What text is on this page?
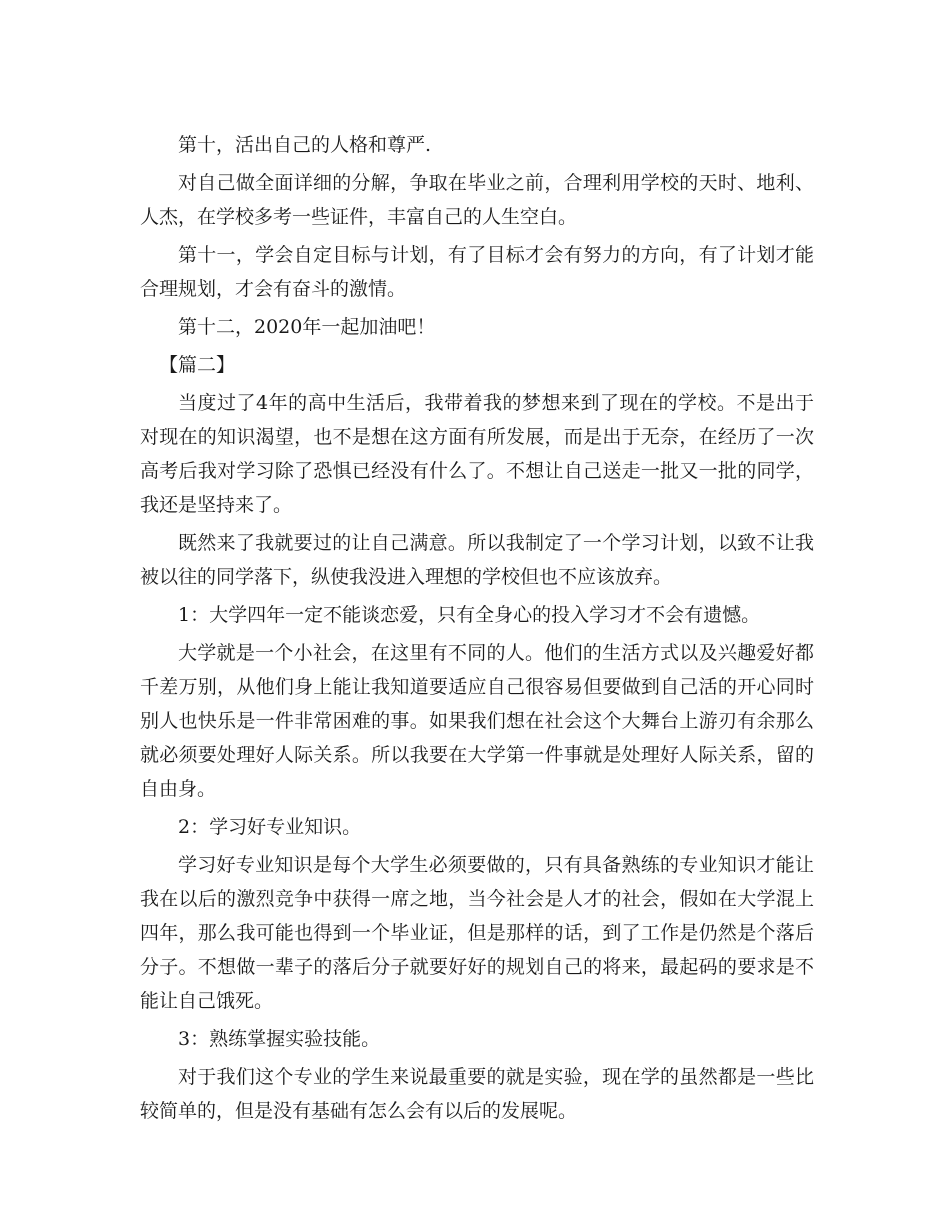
第十，活出自己的人格和尊严.

对自己做全面详细的分解，争取在毕业之前，合理利用学校的天时、地利、人杰，在学校多考一些证件，丰富自己的人生空白。

第十一，学会自定目标与计划，有了目标才会有努力的方向，有了计划才能合理规划，才会有奋斗的激情。

第十二，2020年一起加油吧！

【篇二】

当度过了4年的高中生活后，我带着我的梦想来到了现在的学校。不是出于对现在的知识渴望，也不是想在这方面有所发展，而是出于无奈，在经历了一次高考后我对学习除了恐惧已经没有什么了。不想让自己送走一批又一批的同学，我还是坚持来了。

既然来了我就要过的让自己满意。所以我制定了一个学习计划，以致不让我被以往的同学落下，纵使我没进入理想的学校但也不应该放弃。

1：大学四年一定不能谈恋爱，只有全身心的投入学习才不会有遗憾。

大学就是一个小社会，在这里有不同的人。他们的生活方式以及兴趣爱好都千差万别，从他们身上能让我知道要适应自己很容易但要做到自己活的开心同时别人也快乐是一件非常困难的事。如果我们想在社会这个大舞台上游刃有余那么就必须要处理好人际关系。所以我要在大学第一件事就是处理好人际关系，留的自由身。

2：学习好专业知识。

学习好专业知识是每个大学生必须要做的，只有具备熟练的专业知识才能让我在以后的激烈竞争中获得一席之地，当今社会是人才的社会，假如在大学混上四年，那么我可能也得到一个毕业证，但是那样的话，到了工作是仍然是个落后分子。不想做一辈子的落后分子就要好好的规划自己的将来，最起码的要求是不能让自己饿死。

3：熟练掌握实验技能。

对于我们这个专业的学生来说最重要的就是实验，现在学的虽然都是一些比较简单的，但是没有基础有怎么会有以后的发展呢。
